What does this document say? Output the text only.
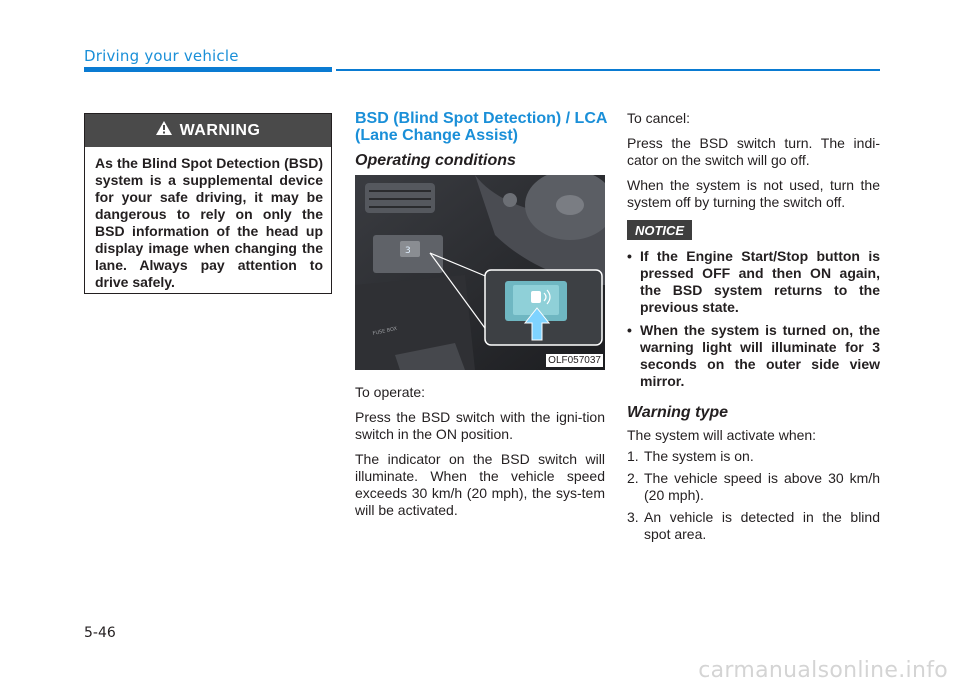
Driving your vehicle
WARNING
As the Blind Spot Detection (BSD) system is a supplemental device for your safe driving, it may be dangerous to rely on only the BSD information of the head up display image when changing the lane. Always pay attention to drive safely.
BSD (Blind Spot Detection) / LCA (Lane Change Assist)
Operating conditions
3
FUSE BOX
OLF057037

To operate:

Press the BSD switch with the igni-tion switch in the ON position.

The indicator on the BSD switch will illuminate. When the vehicle speed exceeds 30 km/h (20 mph), the sys-tem will be activated.

To cancel:

Press the BSD switch turn. The indi-cator on the switch will go off.

When the system is not used, turn the system off by turning the switch off.

NOTICE
• If the Engine Start/Stop button is pressed OFF and then ON again, the BSD system returns to the previous state.
• When the system is turned on, the warning light will illuminate for 3 seconds on the outer side view mirror.
Warning type
The system will activate when:
1. The system is on.
2. The vehicle speed is above 30 km/h (20 mph).
3. An vehicle is detected in the blind spot area.
5-46
carmanualsonline.info
